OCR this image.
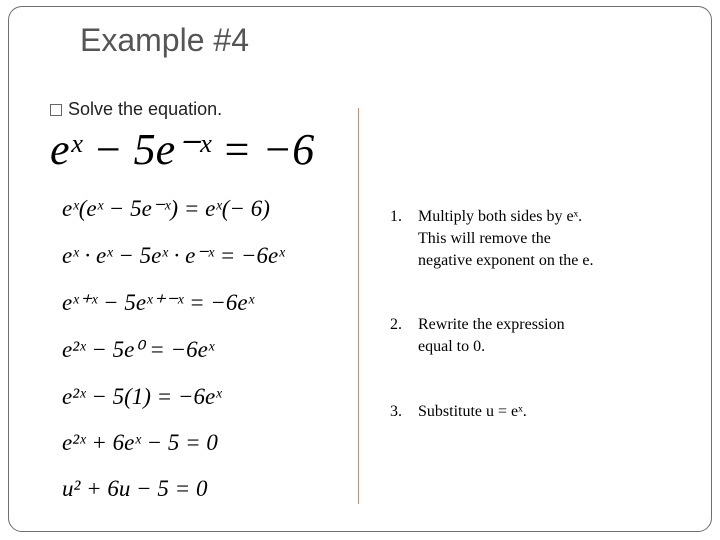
Example #4
Solve the equation.
eˣ − 5e⁻ˣ = −6
eˣ(eˣ − 5e⁻ˣ) = eˣ(− 6)
eˣ · eˣ − 5eˣ · e⁻ˣ = −6eˣ
eˣ⁺ˣ − 5eˣ⁺⁻ˣ = −6eˣ
e²ˣ − 5e⁰ = −6eˣ
e²ˣ − 5(1) = −6eˣ
e²ˣ + 6eˣ − 5 = 0
u² + 6u − 5 = 0
1. Multiply both sides by eˣ.
This will remove the
negative exponent on the e.
2. Rewrite the expression
equal to 0.
3. Substitute u = eˣ.
